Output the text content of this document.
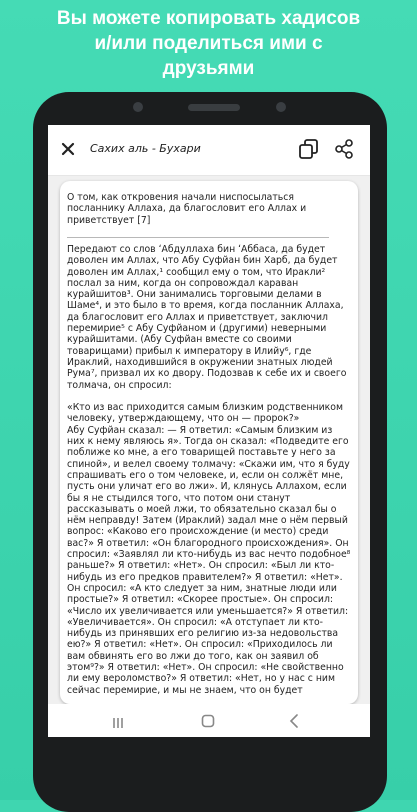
Вы можете копировать хадисов
и/или поделиться ими с
друзьями
Сахих аль - Бухари
О том, как откровения начали ниспосылаться посланнику Аллаха, да благословит его Аллах и приветствует [7]
Передают со слов ʻАбдуллаха бин ʻАббаса, да будет доволен им Аллах, что Абу Суфйан бин Харб, да будет доволен им Аллах,¹ сообщил ему о том, что Иракли² послал за ним, когда он сопровождал караван курайшитов³. Они занимались торговыми делами в Шаме⁴, и это было в то время, когда посланник Аллаха, да благословит его Аллах и приветствует, заключил перемирие⁵ с Абу Суфйаном и (другими) неверными курайшитами. (Абу Суфйан вместе со своими товарищами) прибыл к императору в Илийу⁶, где Ираклий, находившийся в окружении знатных людей Рума⁷, призвал их ко двору. Подозвав к себе их и своего толмача, он спросил:

«Кто из вас приходится самым близким родственником человеку, утверждающему, что он — пророк?»
Абу Суфйан сказал: — Я ответил: «Самым близким из них к нему являюсь я». Тогда он сказал: «Подведите его поближе ко мне, а его товарищей поставьте у него за спиной», и велел своему толмачу: «Скажи им, что я буду спрашивать его о том человеке, и, если он солжёт мне, пусть они уличат его во лжи». И, клянусь Аллахом, если бы я не стыдился того, что потом они станут рассказывать о моей лжи, то обязательно сказал бы о нём неправду! Затем (Ираклий) задал мне о нём первый вопрос: «Каково его происхождение (и место) среди вас?» Я ответил: «Он благородного происхождения». Он спросил: «Заявлял ли кто-нибудь из вас нечто подобное⁸ раньше?» Я ответил: «Нет». Он спросил: «Был ли кто-нибудь из его предков правителем?» Я ответил: «Нет». Он спросил: «А кто следует за ним, знатные люди или простые?» Я ответил: «Скорее простые». Он спросил: «Число их увеличивается или уменьшается?» Я ответил: «Увеличивается». Он спросил: «А отступает ли кто-нибудь из принявших его религию из-за недовольства ею?» Я ответил: «Нет». Он спросил: «Приходилось ли вам обвинять его во лжи до того, как он заявил об этом⁹?» Я ответил: «Нет». Он спросил: «Не свойственно ли ему вероломство?» Я ответил: «Нет, но у нас с ним сейчас перемирие, и мы не знаем, что он будет
